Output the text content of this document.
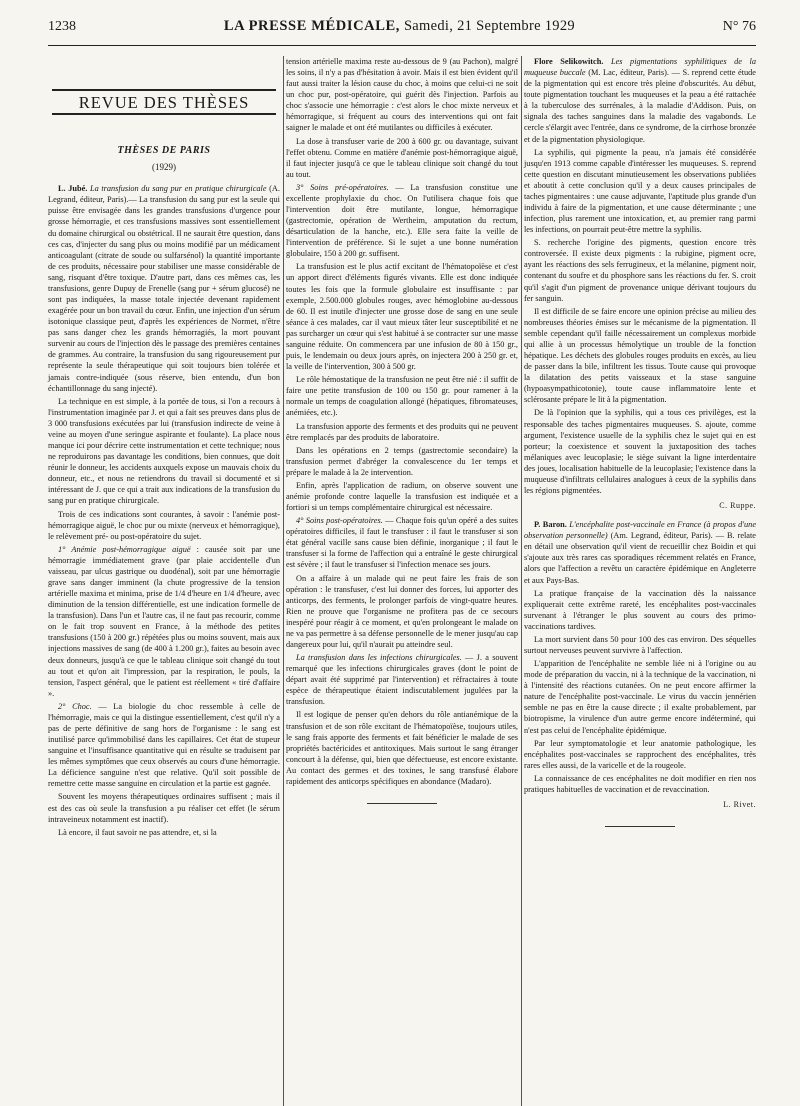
1238	LA PRESSE MÉDICALE, Samedi, 21 Septembre 1929	N° 76
REVUE DES THÈSES
THÈSES DE PARIS
(1929)

L. Jubé. La transfusion du sang pur en pratique chirurgicale (A. Legrand, éditeur, Paris).— La transfusion du sang pur est la seule qui puisse être envisagée dans les grandes transfusions d'urgence pour grosse hémorragie, et ces transfusions massives sont essentiellement du domaine chirurgical ou obstétrical. Il ne saurait être question, dans ces cas, d'injecter du sang plus ou moins modifié par un médicament anticoagulant (citrate de soude ou sulfarsénol) la quantité importante de ces produits, nécessaire pour stabiliser une masse considérable de sang, risquant d'être toxique. D'autre part, dans ces mêmes cas, les transfusions, genre Dupuy de Frenelle (sang pur + sérum glucosé) ne sont pas indiquées, la masse totale injectée devenant rapidement exagérée pour un bon travail du cœur. Enfin, une injection d'un sérum isotonique classique peut, d'après les expériences de Normet, n'être pas sans danger chez les grands hémorragiés, la mort pouvant survenir au cours de l'injection dès le passage des premières centaines de grammes. Au contraire, la transfusion du sang rigoureusement pur représente la seule thérapeutique qui soit toujours bien tolérée et jamais contre-indiquée (sous réserve, bien entendu, d'un bon échantillonnage du sang injecté).

La technique en est simple, à la portée de tous, si l'on a recours à l'instrumentation imaginée par J. et qui a fait ses preuves dans plus de 3 000 transfusions exécutées par lui (transfusion indirecte de veine à veine au moyen d'une seringue aspirante et foulante). La place nous manque ici pour décrire cette instrumentation et cette technique; nous ne reproduirons pas davantage les conditions, bien connues, que doit réunir le donneur, les accidents auxquels expose un mauvais choix du donneur, etc., et nous ne retiendrons du travail si documenté et si intéressant de J. que ce qui a trait aux indications de la transfusion du sang pur en pratique chirurgicale.

Trois de ces indications sont courantes, à savoir : l'anémie post-hémorragique aiguë, le choc pur ou mixte (nerveux et hémorragique), le relèvement pré- ou post-opératoire du sujet.

1° Anémie post-hémorragique aiguë : causée soit par une hémorragie immédiatement grave (par plaie accidentelle d'un vaisseau, par ulcus gastrique ou duodénal), soit par une hémorragie grave sans danger imminent (la chute progressive de la tension artérielle maxima et minima, prise de 1/4 d'heure en 1/4 d'heure, avec diminution de la tension différentielle, est une indication formelle de la transfusion). Dans l'un et l'autre cas, il ne faut pas recourir, comme on le fait trop souvent en France, à la méthode des petites transfusions (150 à 200 gr.) répétées plus ou moins souvent, mais aux injections massives de sang (de 400 à 1.200 gr.), faites au besoin avec deux donneurs, jusqu'à ce que le tableau clinique soit changé du tout au tout et qu'on ait l'impression, par la respiration, le pouls, la tension, l'aspect général, que le patient est réellement « tiré d'affaire ».

2° Choc. — La biologie du choc ressemble à celle de l'hémorragie, mais ce qui la distingue essentiellement, c'est qu'il n'y a pas de perte définitive de sang hors de l'organisme : le sang est inutilisé parce qu'immobilisé dans les capillaires. Cet état de stupeur sanguine et l'insuffisance quantitative qui en résulte se traduisent par les mêmes symptômes que ceux observés au cours d'une hémorragie. La déficience sanguine n'est que relative. Qu'il soit possible de remettre cette masse sanguine en circulation et la partie est gagnée.

Souvent les moyens thérapeutiques ordinaires suffisent ; mais il est des cas où seule la transfusion a pu réaliser cet effet (le sérum intraveineux notamment est inactif).

Là encore, il faut savoir ne pas attendre, et, si la

tension artérielle maxima reste au-dessous de 9 (au Pachon), malgré les soins, il n'y a pas d'hésitation à avoir. Mais il est bien évident qu'il faut aussi traiter la lésion cause du choc, à moins que celui-ci ne soit un choc pur, post-opératoire, qui guérit dès l'injection. Parfois au choc s'associe une hémorragie : c'est alors le choc mixte nerveux et hémorragique, si fréquent au cours des interventions qui ont fait saigner le malade et ont été mutilantes ou difficiles à exécuter.

La dose à transfuser varie de 200 à 600 gr. ou davantage, suivant l'effet obtenu. Comme en matière d'anémie post-hémorragique aiguë, il faut injecter jusqu'à ce que le tableau clinique soit changé du tout au tout.

3° Soins pré-opératoires. — La transfusion constitue une excellente prophylaxie du choc. On l'utilisera chaque fois que l'intervention doit être mutilante, longue, hémorragique (gastrectomie, opération de Wertheim, amputation du rectum, désarticulation de la hanche, etc.). Elle sera faite la veille de l'intervention de préférence. Si le sujet a une bonne numération globulaire, 150 à 200 gr. suffisent.

La transfusion est le plus actif excitant de l'hématopoïèse et c'est un apport direct d'éléments figurés vivants. Elle est donc indiquée toutes les fois que la formule globulaire est insuffisante : par exemple, 2.500.000 globules rouges, avec hémoglobine au-dessous de 60. Il est inutile d'injecter une grosse dose de sang en une seule séance à ces malades, car il vaut mieux tâter leur susceptibilité et ne pas surcharger un cœur qui s'est habitué à se contracter sur une masse sanguine réduite. On commencera par une infusion de 80 à 150 gr., puis, le lendemain ou deux jours après, on injectera 200 à 250 gr. et, la veille de l'intervention, 300 à 500 gr.

Le rôle hémostatique de la transfusion ne peut être nié : il suffit de faire une petite transfusion de 100 ou 150 gr. pour ramener à la normale un temps de coagulation allongé (hépatiques, fibromateuses, anémiées, etc.).

La transfusion apporte des ferments et des produits qui ne peuvent être remplacés par des produits de laboratoire.

Dans les opérations en 2 temps (gastrectomie secondaire) la transfusion permet d'abréger la convalescence du 1er temps et prépare le malade à la 2e intervention.

Enfin, après l'application de radium, on observe souvent une anémie profonde contre laquelle la transfusion est indiquée et a fortiori si un temps complémentaire chirurgical est nécessaire.

4° Soins post-opératoires. — Chaque fois qu'un opéré a des suites opératoires difficiles, il faut le transfuser : il faut le transfuser si son état général vacille sans cause bien définie, inorganique ; il faut le transfuser si la forme de l'affection qui a entraîné le geste chirurgical est sévère ; il faut le transfuser si l'infection menace ses jours.

On a affaire à un malade qui ne peut faire les frais de son opération : le transfuser, c'est lui donner des forces, lui apporter des anticorps, des ferments, le prolonger parfois de vingt-quatre heures. Rien ne prouve que l'organisme ne profitera pas de ce secours inespéré pour réagir à ce moment, et qu'en prolongeant le malade on ne va pas permettre à sa défense personnelle de le mener jusqu'au cap dangereux pour lui, qu'il n'aurait pu atteindre seul.

La transfusion dans les infections chirurgicales. — J. a souvent remarqué que les infections chirurgicales graves (dont le point de départ avait été supprimé par l'intervention) et réfractaires à toute espèce de thérapeutique étaient indiscutablement jugulées par la transfusion.

Il est logique de penser qu'en dehors du rôle antianémique de la transfusion et de son rôle excitant de l'hématopoïèse, toujours utiles, le sang frais apporte des ferments et fait bénéficier le malade de ses propriétés bactéricides et antitoxiques. Mais surtout le sang étranger concourt à la défense, qui, bien que défectueuse, est encore existante. Au contact des germes et des toxines, le sang transfusé élabore rapidement des anticorps spécifiques en abondance (Madaro).

Flore Selikowitch. Les pigmentations syphilitiques de la muqueuse buccale (M. Lac, éditeur, Paris). — S. reprend cette étude de la pigmentation qui est encore très pleine d'obscurités. Au début, toute pigmentation touchant les muqueuses et la peau a été rattachée à la tuberculose des surrénales, à la maladie d'Addison. Puis, on signala des taches sanguines dans la maladie des vagabonds. Le cercle s'élargit avec l'entrée, dans ce syndrome, de la cirrhose bronzée et de la pigmentation physiologique.

La syphilis, qui pigmente la peau, n'a jamais été considérée jusqu'en 1913 comme capable d'intéresser les muqueuses. S. reprend cette question en discutant minutieusement les observations publiées et aboutit à cette conclusion qu'il y a deux causes principales de taches pigmentaires : une cause adjuvante, l'aptitude plus grande d'un individu à faire de la pigmentation, et une cause déterminante ; une infection, plus rarement une intoxication, et, au premier rang parmi les infections, on pourrait peut-être mettre la syphilis.

S. recherche l'origine des pigments, question encore très controversée. Il existe deux pigments : la rubigine, pigment ocre, ayant les réactions des sels ferrugineux, et la mélanine, pigment noir, contenant du soufre et du phosphore sans les réactions du fer. S. croit qu'il s'agit d'un pigment de provenance unique dérivant toujours du fer sanguin.

Il est difficile de se faire encore une opinion précise au milieu des nombreuses théories émises sur le mécanisme de la pigmentation. Il semble cependant qu'il faille nécessairement un complexus morbide qui allie à un processus hémolytique un trouble de la fonction hépatique. Les déchets des globules rouges produits en excès, au lieu de passer dans la bile, infiltrent les tissus. Toute cause qui provoque la dilatation des petits vaisseaux et la stase sanguine (hypoasympathicotonie), toute cause inflammatoire lente et sclérosante prépare le lit à la pigmentation.

De là l'opinion que la syphilis, qui a tous ces privilèges, est la responsable des taches pigmentaires muqueuses. S. ajoute, comme argument, l'existence usuelle de la syphilis chez le sujet qui en est porteur; la coexistence et souvent la juxtaposition des taches mélaniques avec leucoplasie; le siège suivant la ligne interdentaire des joues, localisation habituelle de la leucoplasie; l'existence dans la muqueuse d'infiltrats cellulaires analogues à ceux de la syphilis dans les régions pigmentées.

C. Ruppe.

P. Baron. L'encéphalite post-vaccinale en France (à propos d'une observation personnelle) (Am. Legrand, éditeur, Paris). — B. relate en détail une observation qu'il vient de recueillir chez Boidin et qui s'ajoute aux très rares cas sporadiques récemment relatés en France, alors que l'affection a revêtu un caractère épidémique en Angleterre et aux Pays-Bas.

La pratique française de la vaccination dès la naissance expliquerait cette extrême rareté, les encéphalites post-vaccinales survenant à l'étranger le plus souvent au cours des primo-vaccinations tardives.

La mort survient dans 50 pour 100 des cas environ. Des séquelles surtout nerveuses peuvent survivre à l'affection.

L'apparition de l'encéphalite ne semble liée ni à l'origine ou au mode de préparation du vaccin, ni à la technique de la vaccination, ni à l'intensité des réactions cutanées. On ne peut encore affirmer la nature de l'encéphalite post-vaccinale. Le virus du vaccin jennérien semble ne pas en être la cause directe ; il exalte probablement, par biotropisme, la virulence d'un autre germe encore indéterminé, qui n'est pas celui de l'encéphalite épidémique.

Par leur symptomatologie et leur anatomie pathologique, les encéphalites post-vaccinales se rapprochent des encéphalites, très rares elles aussi, de la varicelle et de la rougeole.

La connaissance de ces encéphalites ne doit modifier en rien nos pratiques habituelles de vaccination et de revaccination.

L. Rivet.
